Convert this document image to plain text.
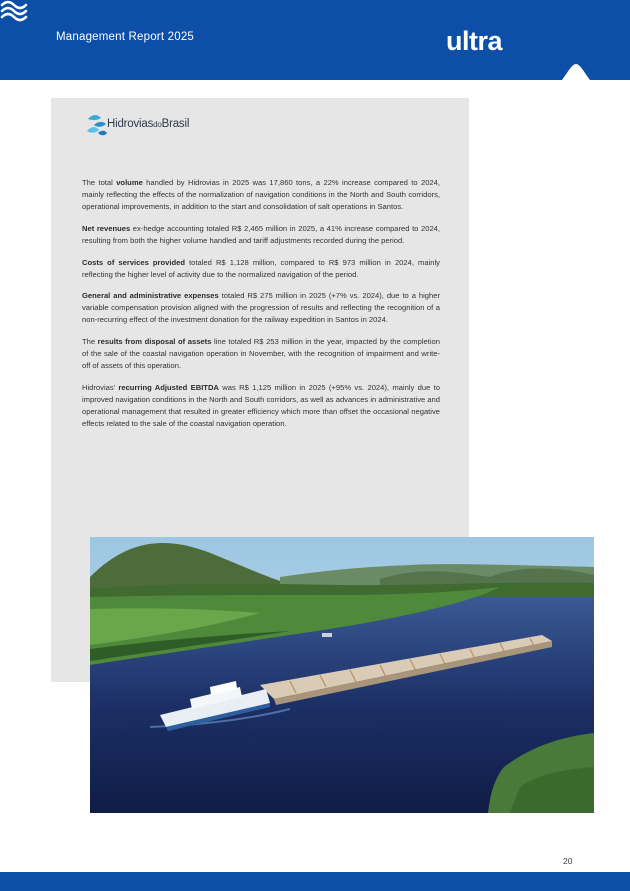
Management Report 2025	ultra
HidroviasdoBrasil

The total volume handled by Hidrovias in 2025 was 17,860 tons, a 22% increase compared to 2024, mainly reflecting the effects of the normalization of navigation conditions in the North and South corridors, operational improvements, in addition to the start and consolidation of salt operations in Santos.

Net revenues ex-hedge accounting totaled R$ 2,465 million in 2025, a 41% increase compared to 2024, resulting from both the higher volume handled and tariff adjustments recorded during the period.

Costs of services provided totaled R$ 1,128 million, compared to R$ 973 million in 2024, mainly reflecting the higher level of activity due to the normalized navigation of the period.

General and administrative expenses totaled R$ 275 million in 2025 (+7% vs. 2024), due to a higher variable compensation provision aligned with the progression of results and reflecting the recognition of a non-recurring effect of the investment donation for the railway expedition in Santos in 2024.

The results from disposal of assets line totaled R$ 253 million in the year, impacted by the completion of the sale of the coastal navigation operation in November, with the recognition of impairment and write-off of assets of this operation.

Hidrovias’ recurring Adjusted EBITDA was R$ 1,125 million in 2025 (+95% vs. 2024), mainly due to improved navigation conditions in the North and South corridors, as well as advances in administrative and operational management that resulted in greater efficiency which more than offset the occasional negative effects related to the sale of the coastal navigation operation.

20
